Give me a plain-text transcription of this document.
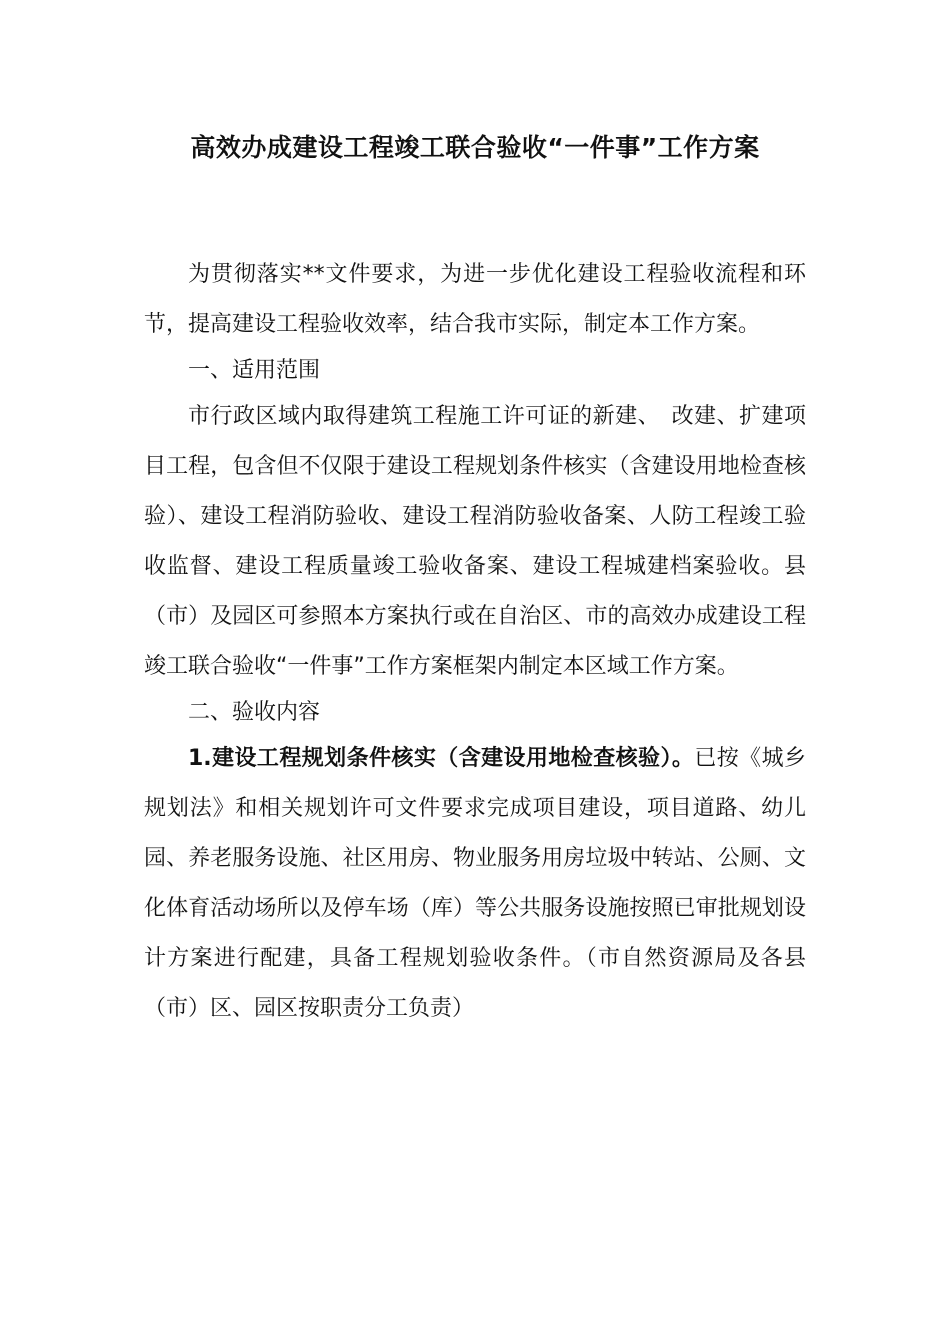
高效办成建设工程竣工联合验收“一件事”工作方案

为贯彻落实**文件要求，为进一步优化建设工程验收流程和环节，提高建设工程验收效率，结合我市实际，制定本工作方案。

一、适用范围

市行政区域内取得建筑工程施工许可证的新建、　改建、扩建项目工程，包含但不仅限于建设工程规划条件核实（含建设用地检查核验）、建设工程消防验收、建设工程消防验收备案、人防工程竣工验收监督、建设工程质量竣工验收备案、建设工程城建档案验收。县（市）及园区可参照本方案执行或在自治区、市的高效办成建设工程竣工联合验收“一件事”工作方案框架内制定本区域工作方案。

二、验收内容

1.建设工程规划条件核实（含建设用地检查核验）。已按《城乡规划法》和相关规划许可文件要求完成项目建设，项目道路、幼儿园、养老服务设施、社区用房、物业服务用房垃圾中转站、公厕、文化体育活动场所以及停车场（库）等公共服务设施按照已审批规划设计方案进行配建，具备工程规划验收条件。（市自然资源局及各县（市）区、园区按职责分工负责）
